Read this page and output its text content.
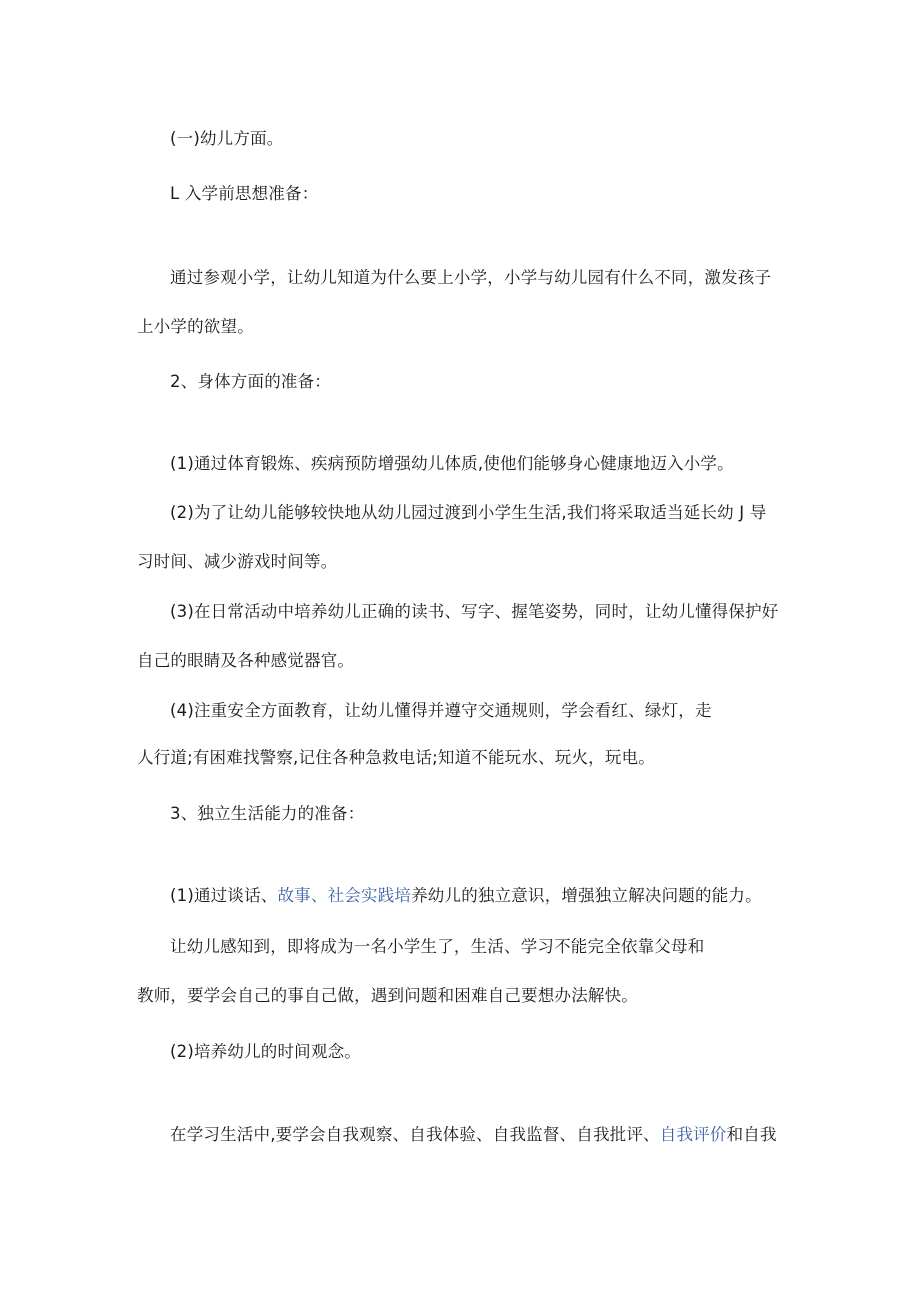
(一)幼儿方面。
L 入学前思想准备：
通过参观小学，让幼儿知道为什么要上小学，小学与幼儿园有什么不同，激发孩子
上小学的欲望。
2、身体方面的准备：
(1)通过体育锻炼、疾病预防增强幼儿体质,使他们能够身心健康地迈入小学。
(2)为了让幼儿能够较快地从幼儿园过渡到小学生生活,我们将采取适当延长幼 J 导
习时间、减少游戏时间等。
(3)在日常活动中培养幼儿正确的读书、写字、握笔姿势，同时，让幼儿懂得保护好
自己的眼睛及各种感觉器官。
(4)注重安全方面教育，让幼儿懂得并遵守交通规则，学会看红、绿灯，走
人行道;有困难找警察,记住各种急救电话;知道不能玩水、玩火，玩电。
3、独立生活能力的准备：
(1)通过谈话、故事、社会实践培养幼儿的独立意识，增强独立解决问题的能力。
让幼儿感知到，即将成为一名小学生了，生活、学习不能完全依靠父母和
教师，要学会自己的事自己做，遇到问题和困难自己要想办法解快。
(2)培养幼儿的时间观念。
在学习生活中,要学会自我观察、自我体验、自我监督、自我批评、自我评价和自我
